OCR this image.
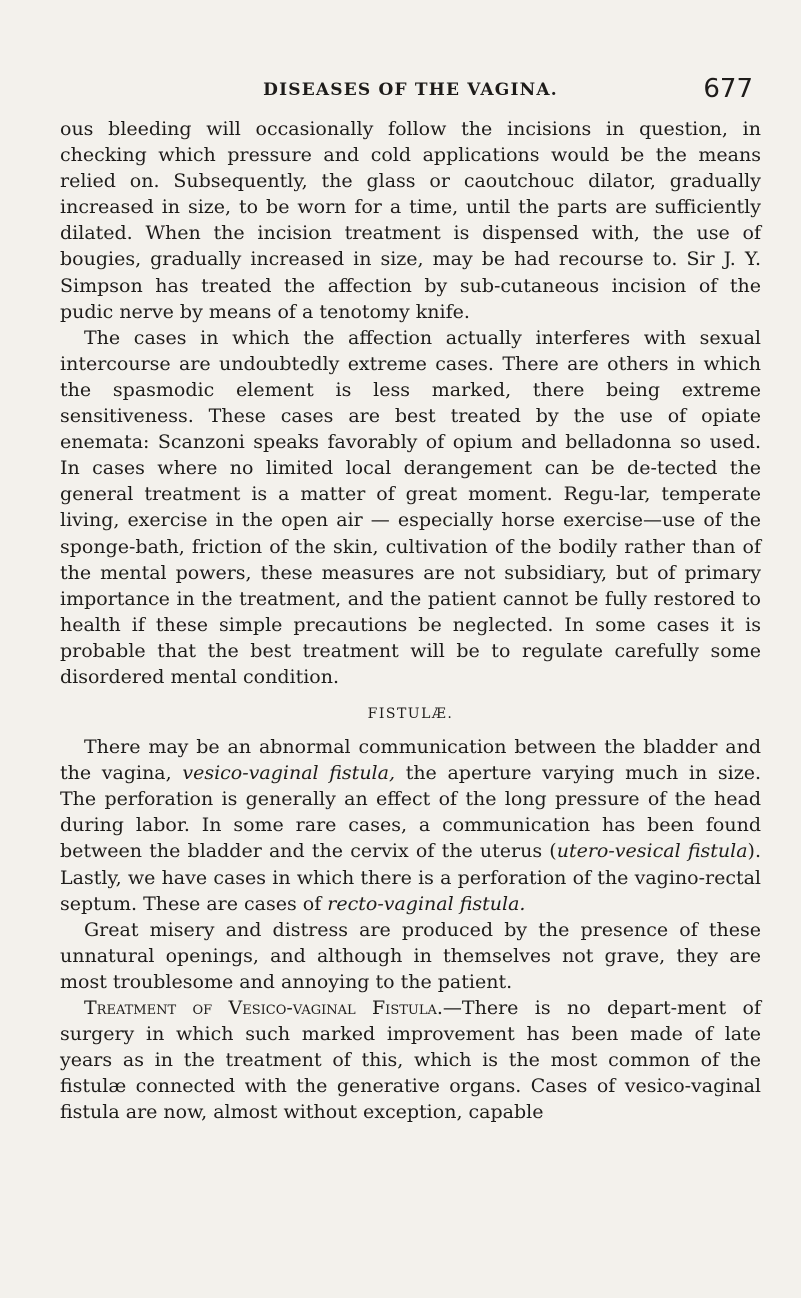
DISEASES OF THE VAGINA.	677

ous bleeding will occasionally follow the incisions in question, in checking which pressure and cold applications would be the means relied on. Subsequently, the glass or caoutchouc dilator, gradually increased in size, to be worn for a time, until the parts are sufficiently dilated. When the incision treatment is dispensed with, the use of bougies, gradually increased in size, may be had recourse to. Sir J. Y. Simpson has treated the affection by sub-cutaneous incision of the pudic nerve by means of a tenotomy knife.

The cases in which the affection actually interferes with sexual intercourse are undoubtedly extreme cases. There are others in which the spasmodic element is less marked, there being extreme sensitiveness. These cases are best treated by the use of opiate enemata: Scanzoni speaks favorably of opium and belladonna so used. In cases where no limited local derangement can be de-tected the general treatment is a matter of great moment. Regu-lar, temperate living, exercise in the open air — especially horse exercise—use of the sponge-bath, friction of the skin, cultivation of the bodily rather than of the mental powers, these measures are not subsidiary, but of primary importance in the treatment, and the patient cannot be fully restored to health if these simple precautions be neglected. In some cases it is probable that the best treatment will be to regulate carefully some disordered mental condition.

FISTULÆ.

There may be an abnormal communication between the bladder and the vagina, vesico-vaginal fistula, the aperture varying much in size. The perforation is generally an effect of the long pressure of the head during labor. In some rare cases, a communication has been found between the bladder and the cervix of the uterus (utero-vesical fistula). Lastly, we have cases in which there is a perforation of the vagino-rectal septum. These are cases of recto-vaginal fistula.

Great misery and distress are produced by the presence of these unnatural openings, and although in themselves not grave, they are most troublesome and annoying to the patient.

Treatment of Vesico-vaginal Fistula.—There is no depart-ment of surgery in which such marked improvement has been made of late years as in the treatment of this, which is the most common of the fistulæ connected with the generative organs. Cases of vesico-vaginal fistula are now, almost without exception, capable
